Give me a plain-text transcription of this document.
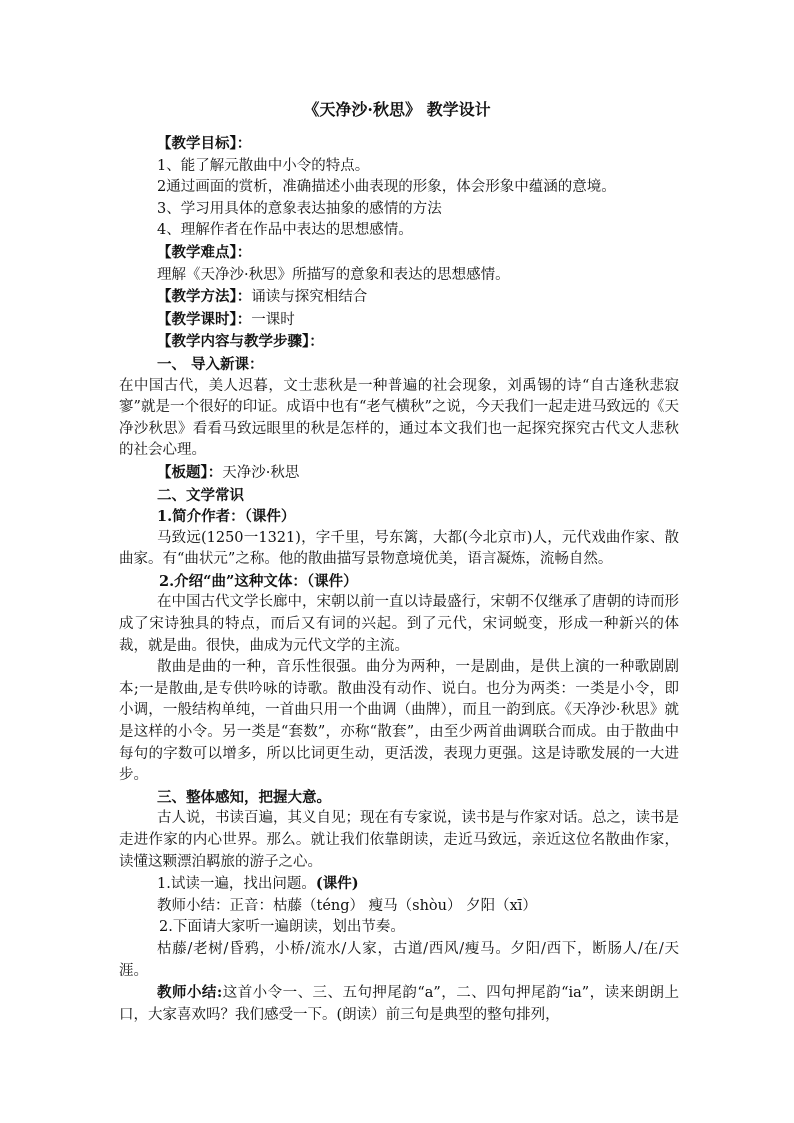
《天净沙·秋思》 教学设计

【教学目标】：

1、能了解元散曲中小令的特点。

2通过画面的赏析，准确描述小曲表现的形象，体会形象中蕴涵的意境。

3、学习用具体的意象表达抽象的感情的方法

4、理解作者在作品中表达的思想感情。

【教学难点】：

理解《天净沙·秋思》所描写的意象和表达的思想感情。

【教学方法】：诵读与探究相结合

【教学课时】：一课时

【教学内容与教学步骤】：

一、 导入新课：

在中国古代，美人迟暮，文士悲秋是一种普遍的社会现象，刘禹锡的诗“自古逢秋悲寂寥”就是一个很好的印证。成语中也有“老气横秋”之说，今天我们一起走进马致远的《天净沙秋思》看看马致远眼里的秋是怎样的，通过本文我们也一起探究探究古代文人悲秋的社会心理。

【板题】：天净沙·秋思

二、文学常识

1.简介作者：（课件）

马致远(1250一1321)，字千里，号东篱，大都(今北京市)人，元代戏曲作家、散曲家。有“曲状元”之称。他的散曲描写景物意境优美，语言凝炼，流畅自然。

2.介绍“曲”这种文体：（课件）

在中国古代文学长廊中，宋朝以前一直以诗最盛行，宋朝不仅继承了唐朝的诗而形成了宋诗独具的特点，而后又有词的兴起。到了元代，宋词蜕变，形成一种新兴的体裁，就是曲。很快，曲成为元代文学的主流。

散曲是曲的一种，音乐性很强。曲分为两种，一是剧曲，是供上演的一种歌剧剧本;一是散曲,是专供吟咏的诗歌。散曲没有动作、说白。也分为两类：一类是小令，即小调，一般结构单纯，一首曲只用一个曲调（曲牌），而且一韵到底。《天净沙·秋思》就是这样的小令。另一类是“套数”，亦称“散套”，由至少两首曲调联合而成。由于散曲中每句的字数可以增多，所以比词更生动，更活泼，表现力更强。这是诗歌发展的一大进步。

三、整体感知，把握大意。

古人说，书读百遍，其义自见；现在有专家说，读书是与作家对话。总之，读书是走进作家的内心世界。那么。就让我们依靠朗读，走近马致远，亲近这位名散曲作家，读懂这颗漂泊羁旅的游子之心。

1.试读一遍，找出问题。(课件)

教师小结：正音：枯藤（téng） 瘦马（shòu） 夕阳（xī）

2.下面请大家听一遍朗读，划出节奏。

枯藤/老树/昏鸦，小桥/流水/人家，古道/西风/瘦马。夕阳/西下，断肠人/在/天涯。

教师小结:这首小令一、三、五句押尾韵“a”，二、四句押尾韵“ia”，读来朗朗上口，大家喜欢吗？我们感受一下。(朗读）前三句是典型的整句排列，
